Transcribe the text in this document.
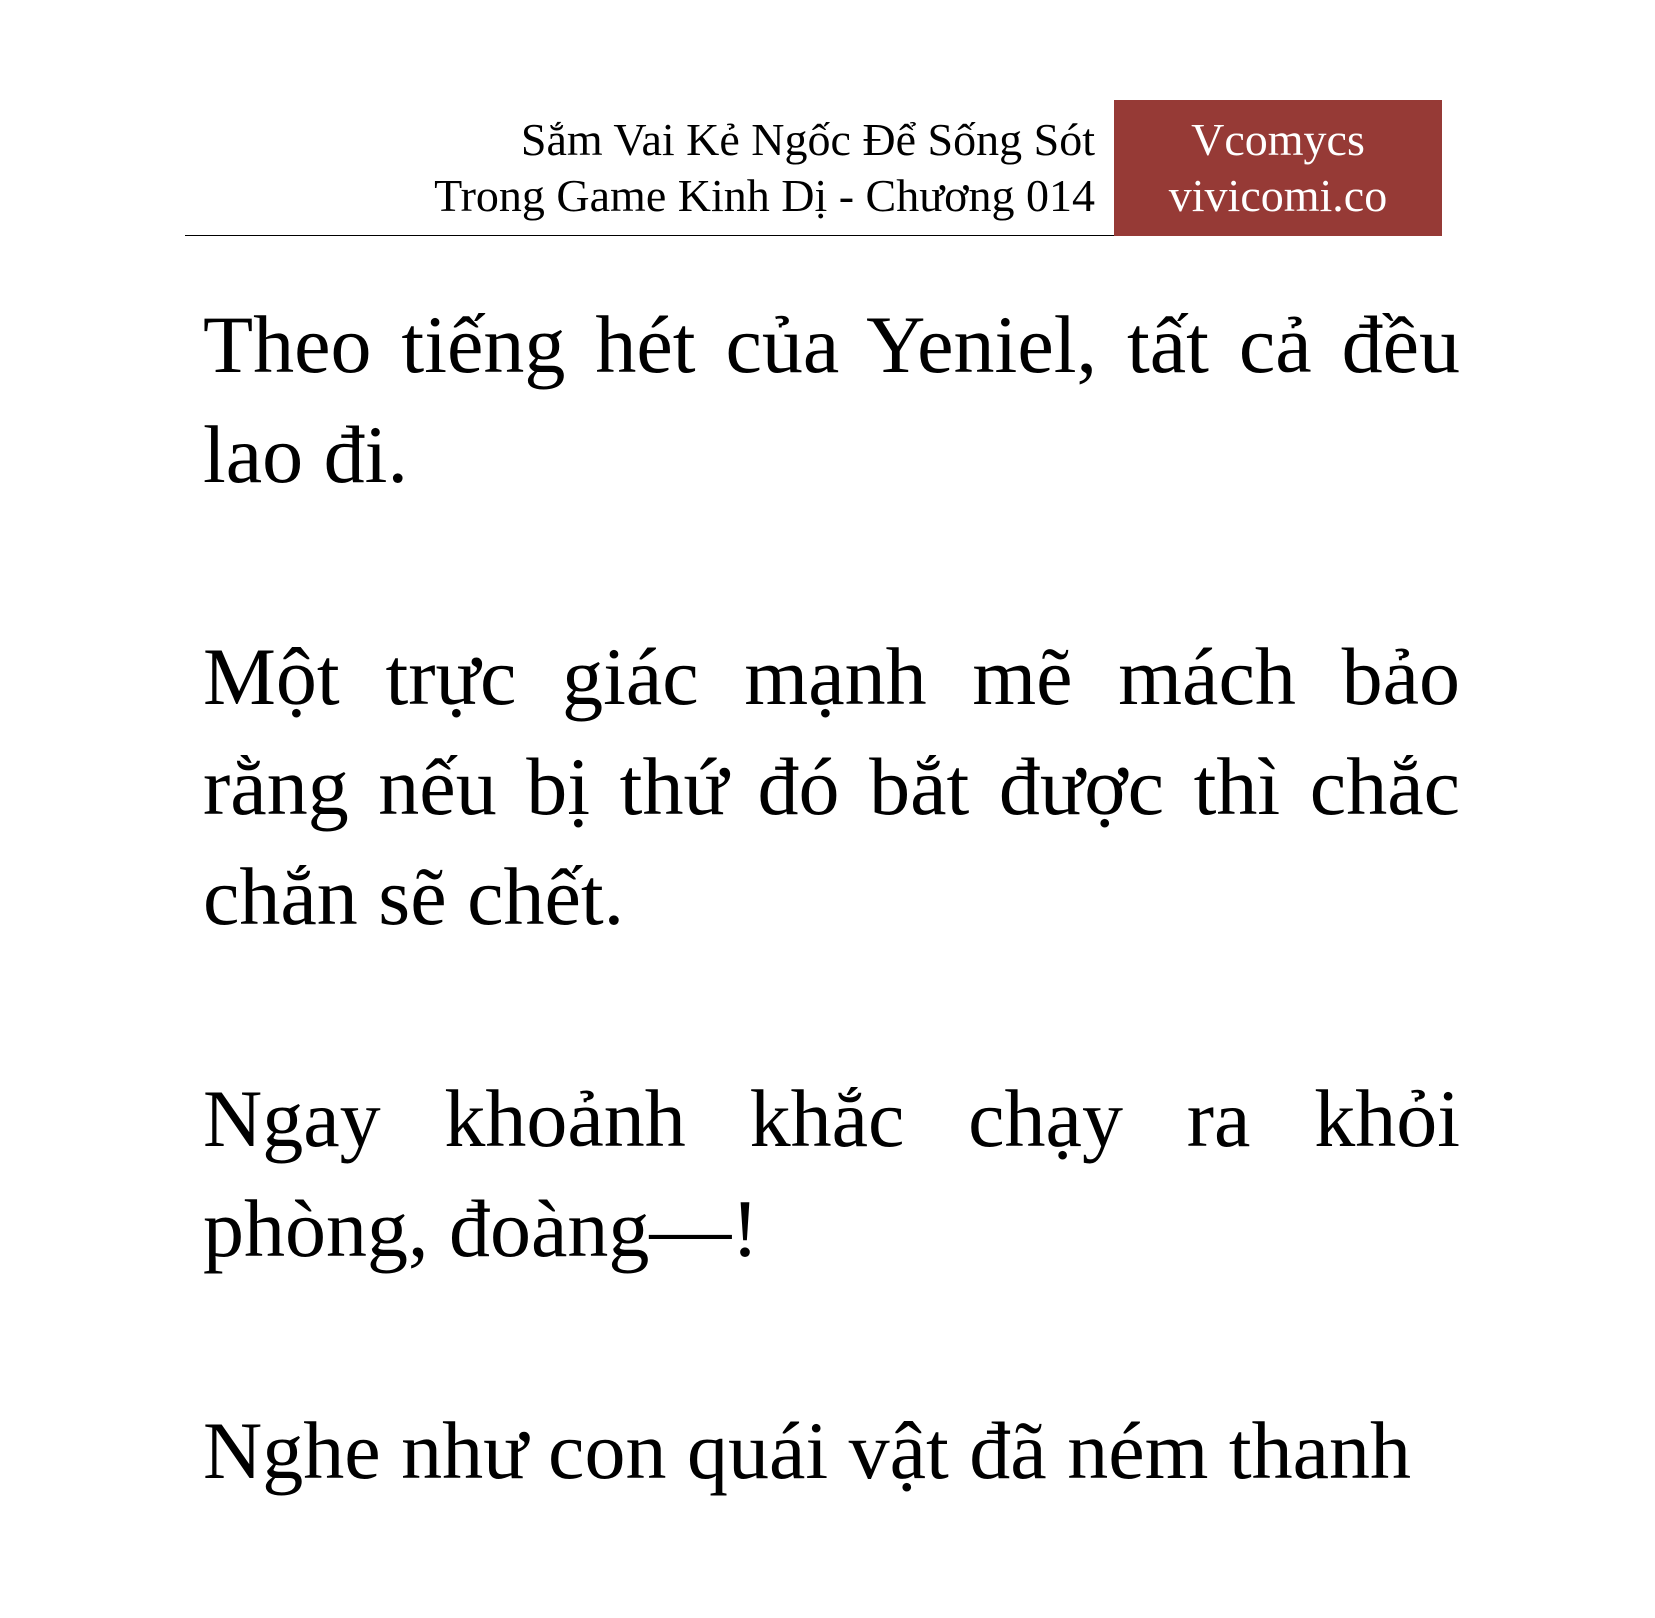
Sắm Vai Kẻ Ngốc Để Sống Sót
Trong Game Kinh Dị - Chương 014
Vcomycs
vivicomi.co

Theo tiếng hét của Yeniel, tất cả đều lao đi.

Một trực giác mạnh mẽ mách bảo rằng nếu bị thứ đó bắt được thì chắc chắn sẽ chết.

Ngay khoảnh khắc chạy ra khỏi phòng, đoàng—!

Nghe như con quái vật đã ném thanh
